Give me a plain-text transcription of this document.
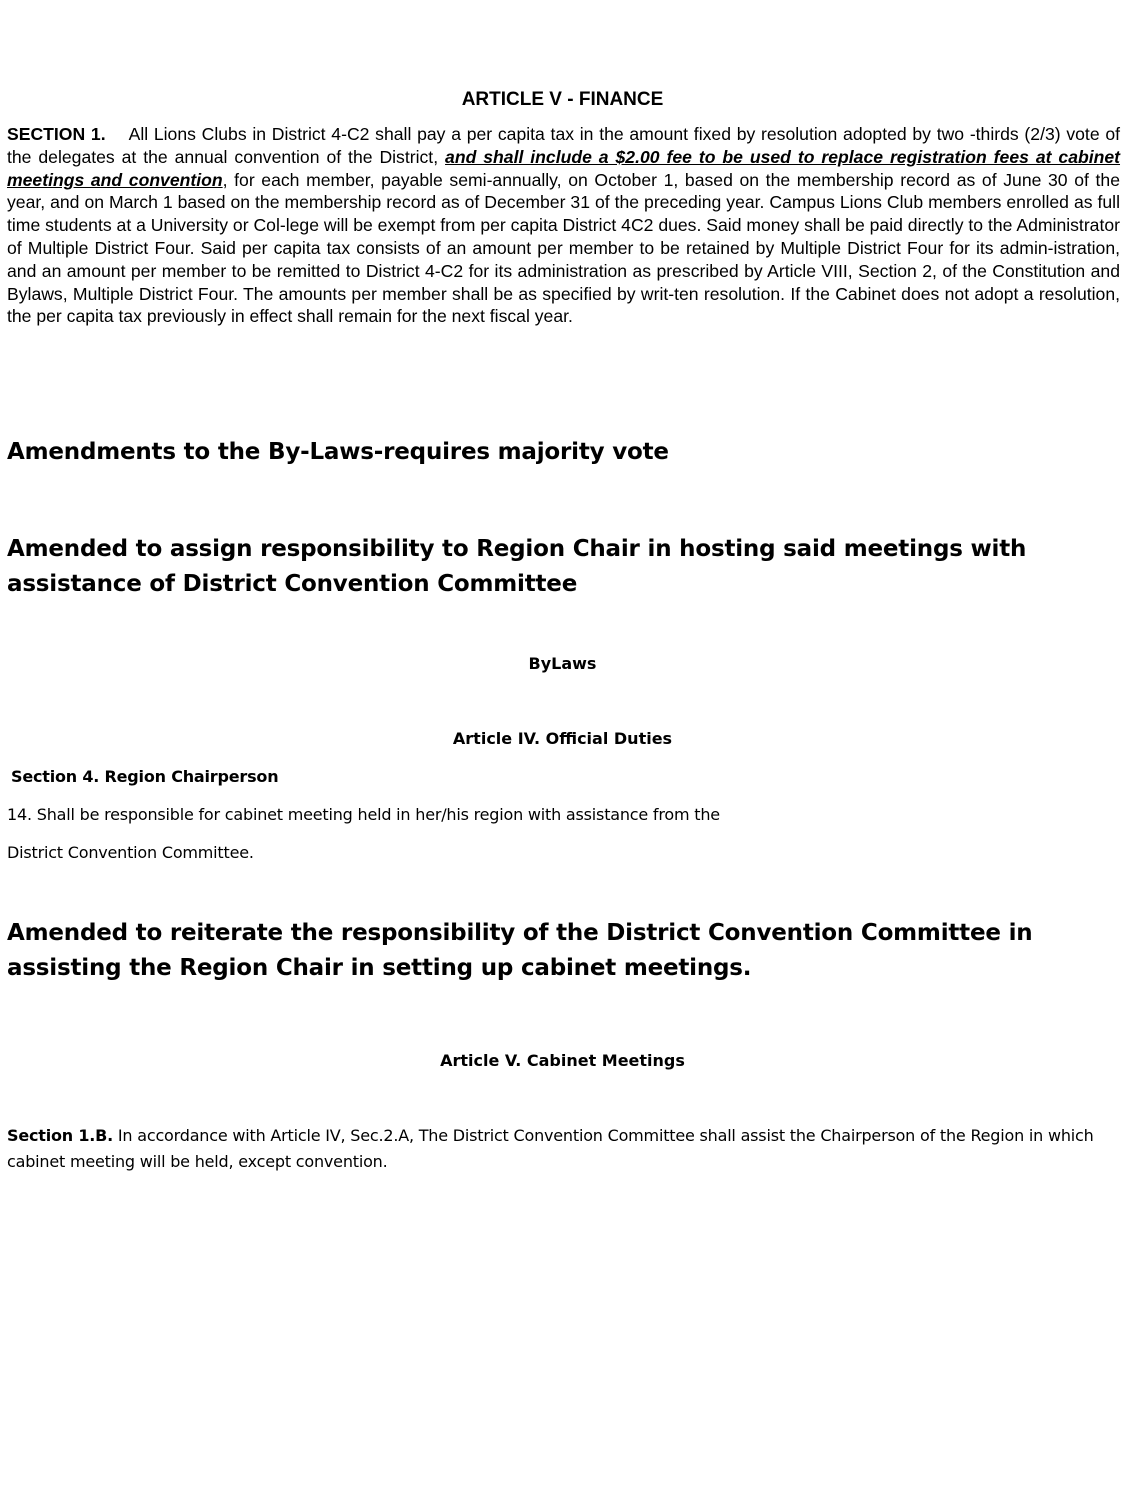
ARTICLE V - FINANCE

SECTION 1. All Lions Clubs in District 4-C2 shall pay a per capita tax in the amount fixed by resolution adopted by two -thirds (2/3) vote of the delegates at the annual convention of the District, and shall include a $2.00 fee to be used to replace registration fees at cabinet meetings and convention, for each member, payable semi-annually, on October 1, based on the membership record as of June 30 of the year, and on March 1 based on the membership record as of December 31 of the preceding year. Campus Lions Club members enrolled as full time students at a University or Col-lege will be exempt from per capita District 4C2 dues. Said money shall be paid directly to the Administrator of Multiple District Four. Said per capita tax consists of an amount per member to be retained by Multiple District Four for its admin-istration, and an amount per member to be remitted to District 4-C2 for its administration as prescribed by Article VIII, Section 2, of the Constitution and Bylaws, Multiple District Four. The amounts per member shall be as specified by writ-ten resolution. If the Cabinet does not adopt a resolution, the per capita tax previously in effect shall remain for the next fiscal year.

Amendments to the By-Laws-requires majority vote
Amended to assign responsibility to Region Chair in hosting said meetings with assistance of District Convention Committee

ByLaws

Article IV. Official Duties

Section 4. Region Chairperson

14. Shall be responsible for cabinet meeting held in her/his region with assistance from the

District Convention Committee.

Amended to reiterate the responsibility of the District Convention Committee in assisting the Region Chair in setting up cabinet meetings.

Article V. Cabinet Meetings

Section 1.B. In accordance with Article IV, Sec.2.A, The District Convention Committee shall assist the Chairperson of the Region in which cabinet meeting will be held, except convention.
